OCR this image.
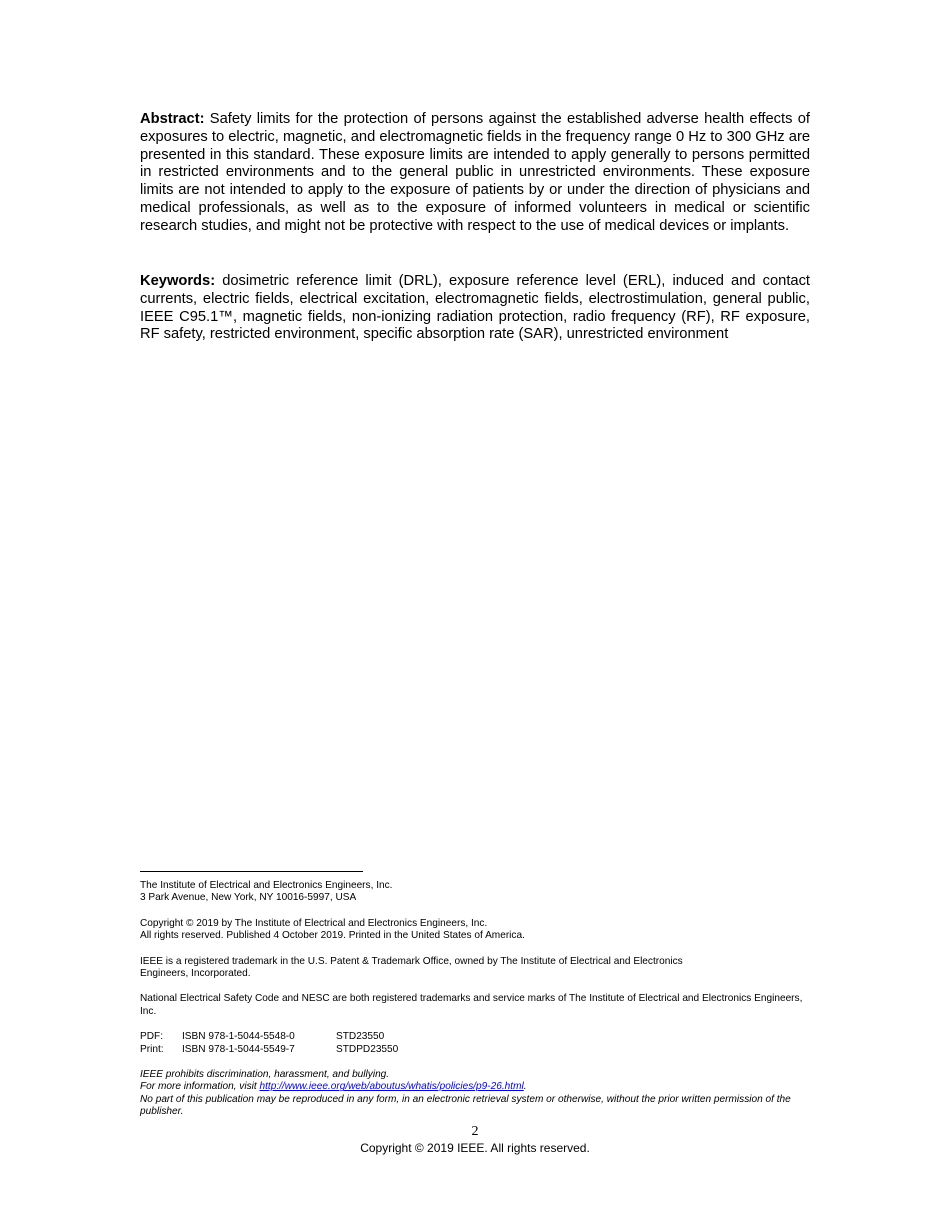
Abstract: Safety limits for the protection of persons against the established adverse health effects of exposures to electric, magnetic, and electromagnetic fields in the frequency range 0 Hz to 300 GHz are presented in this standard. These exposure limits are intended to apply generally to persons permitted in restricted environments and to the general public in unrestricted environments. These exposure limits are not intended to apply to the exposure of patients by or under the direction of physicians and medical professionals, as well as to the exposure of informed volunteers in medical or scientific research studies, and might not be protective with respect to the use of medical devices or implants.

Keywords: dosimetric reference limit (DRL), exposure reference level (ERL), induced and contact currents, electric fields, electrical excitation, electromagnetic fields, electrostimulation, general public, IEEE C95.1™, magnetic fields, non-ionizing radiation protection, radio frequency (RF), RF exposure, RF safety, restricted environment, specific absorption rate (SAR), unrestricted environment

The Institute of Electrical and Electronics Engineers, Inc.
3 Park Avenue, New York, NY 10016-5997, USA

Copyright © 2019 by The Institute of Electrical and Electronics Engineers, Inc.
All rights reserved. Published 4 October 2019. Printed in the United States of America.

IEEE is a registered trademark in the U.S. Patent & Trademark Office, owned by The Institute of Electrical and Electronics Engineers, Incorporated.

National Electrical Safety Code and NESC are both registered trademarks and service marks of The Institute of Electrical and Electronics Engineers, Inc.

PDF:	ISBN 978-1-5044-5548-0	STD23550
Print:	ISBN 978-1-5044-5549-7	STDPD23550

IEEE prohibits discrimination, harassment, and bullying.
For more information, visit http://www.ieee.org/web/aboutus/whatis/policies/p9-26.html.
No part of this publication may be reproduced in any form, in an electronic retrieval system or otherwise, without the prior written permission of the publisher.

2
Copyright © 2019 IEEE. All rights reserved.
